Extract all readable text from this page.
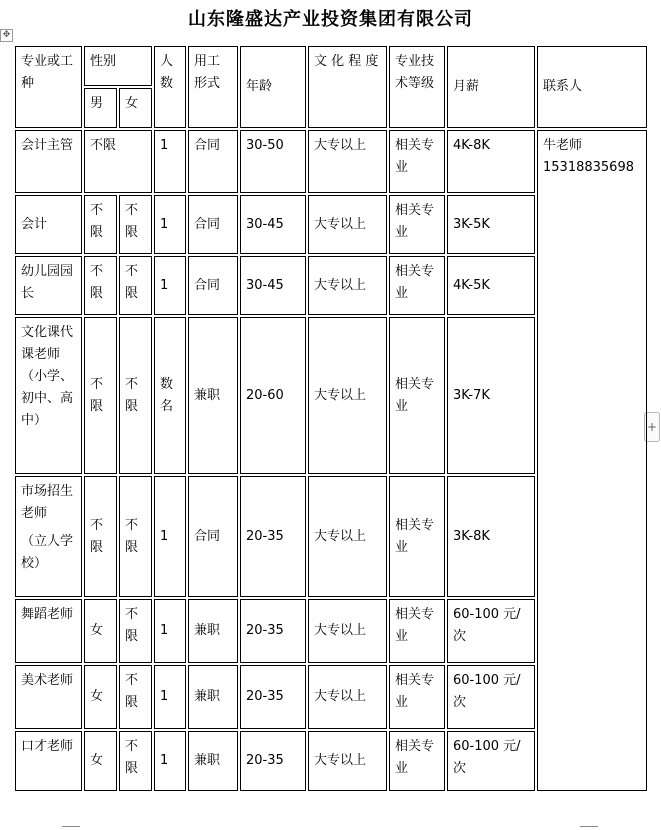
山东隆盛达产业投资集团有限公司
✥
+
专业或工种	性别		人数	用工形式	年龄	文 化 程 度	专业技术等级	月薪	联系人
	男	女							
会计主管	不限		1	合同	30-50	大专以上	相关专业	4K-8K	牛老师
15318835698

会计	不限	不限	1	合同	30-45	大专以上	相关专业	3K-5K	
幼儿园园长	不限	不限	1	合同	30-45	大专以上	相关专业	4K-5K	
文化课代课老师（小学、初中、高中）	不限	不限	数名	兼职	20-60	大专以上	相关专业	3K-7K	

市场招生老师
（立人学校）	不限	不限	1	合同	20-35	大专以上	相关专业	3K-8K	
舞蹈老师	女	不限	1	兼职	20-35	大专以上	相关专业	60-100 元/次	
美术老师	女	不限	1	兼职	20-35	大专以上	相关专业	60-100 元/次	
口才老师	女	不限	1	兼职	20-35	大专以上	相关专业	60-100 元/次	
